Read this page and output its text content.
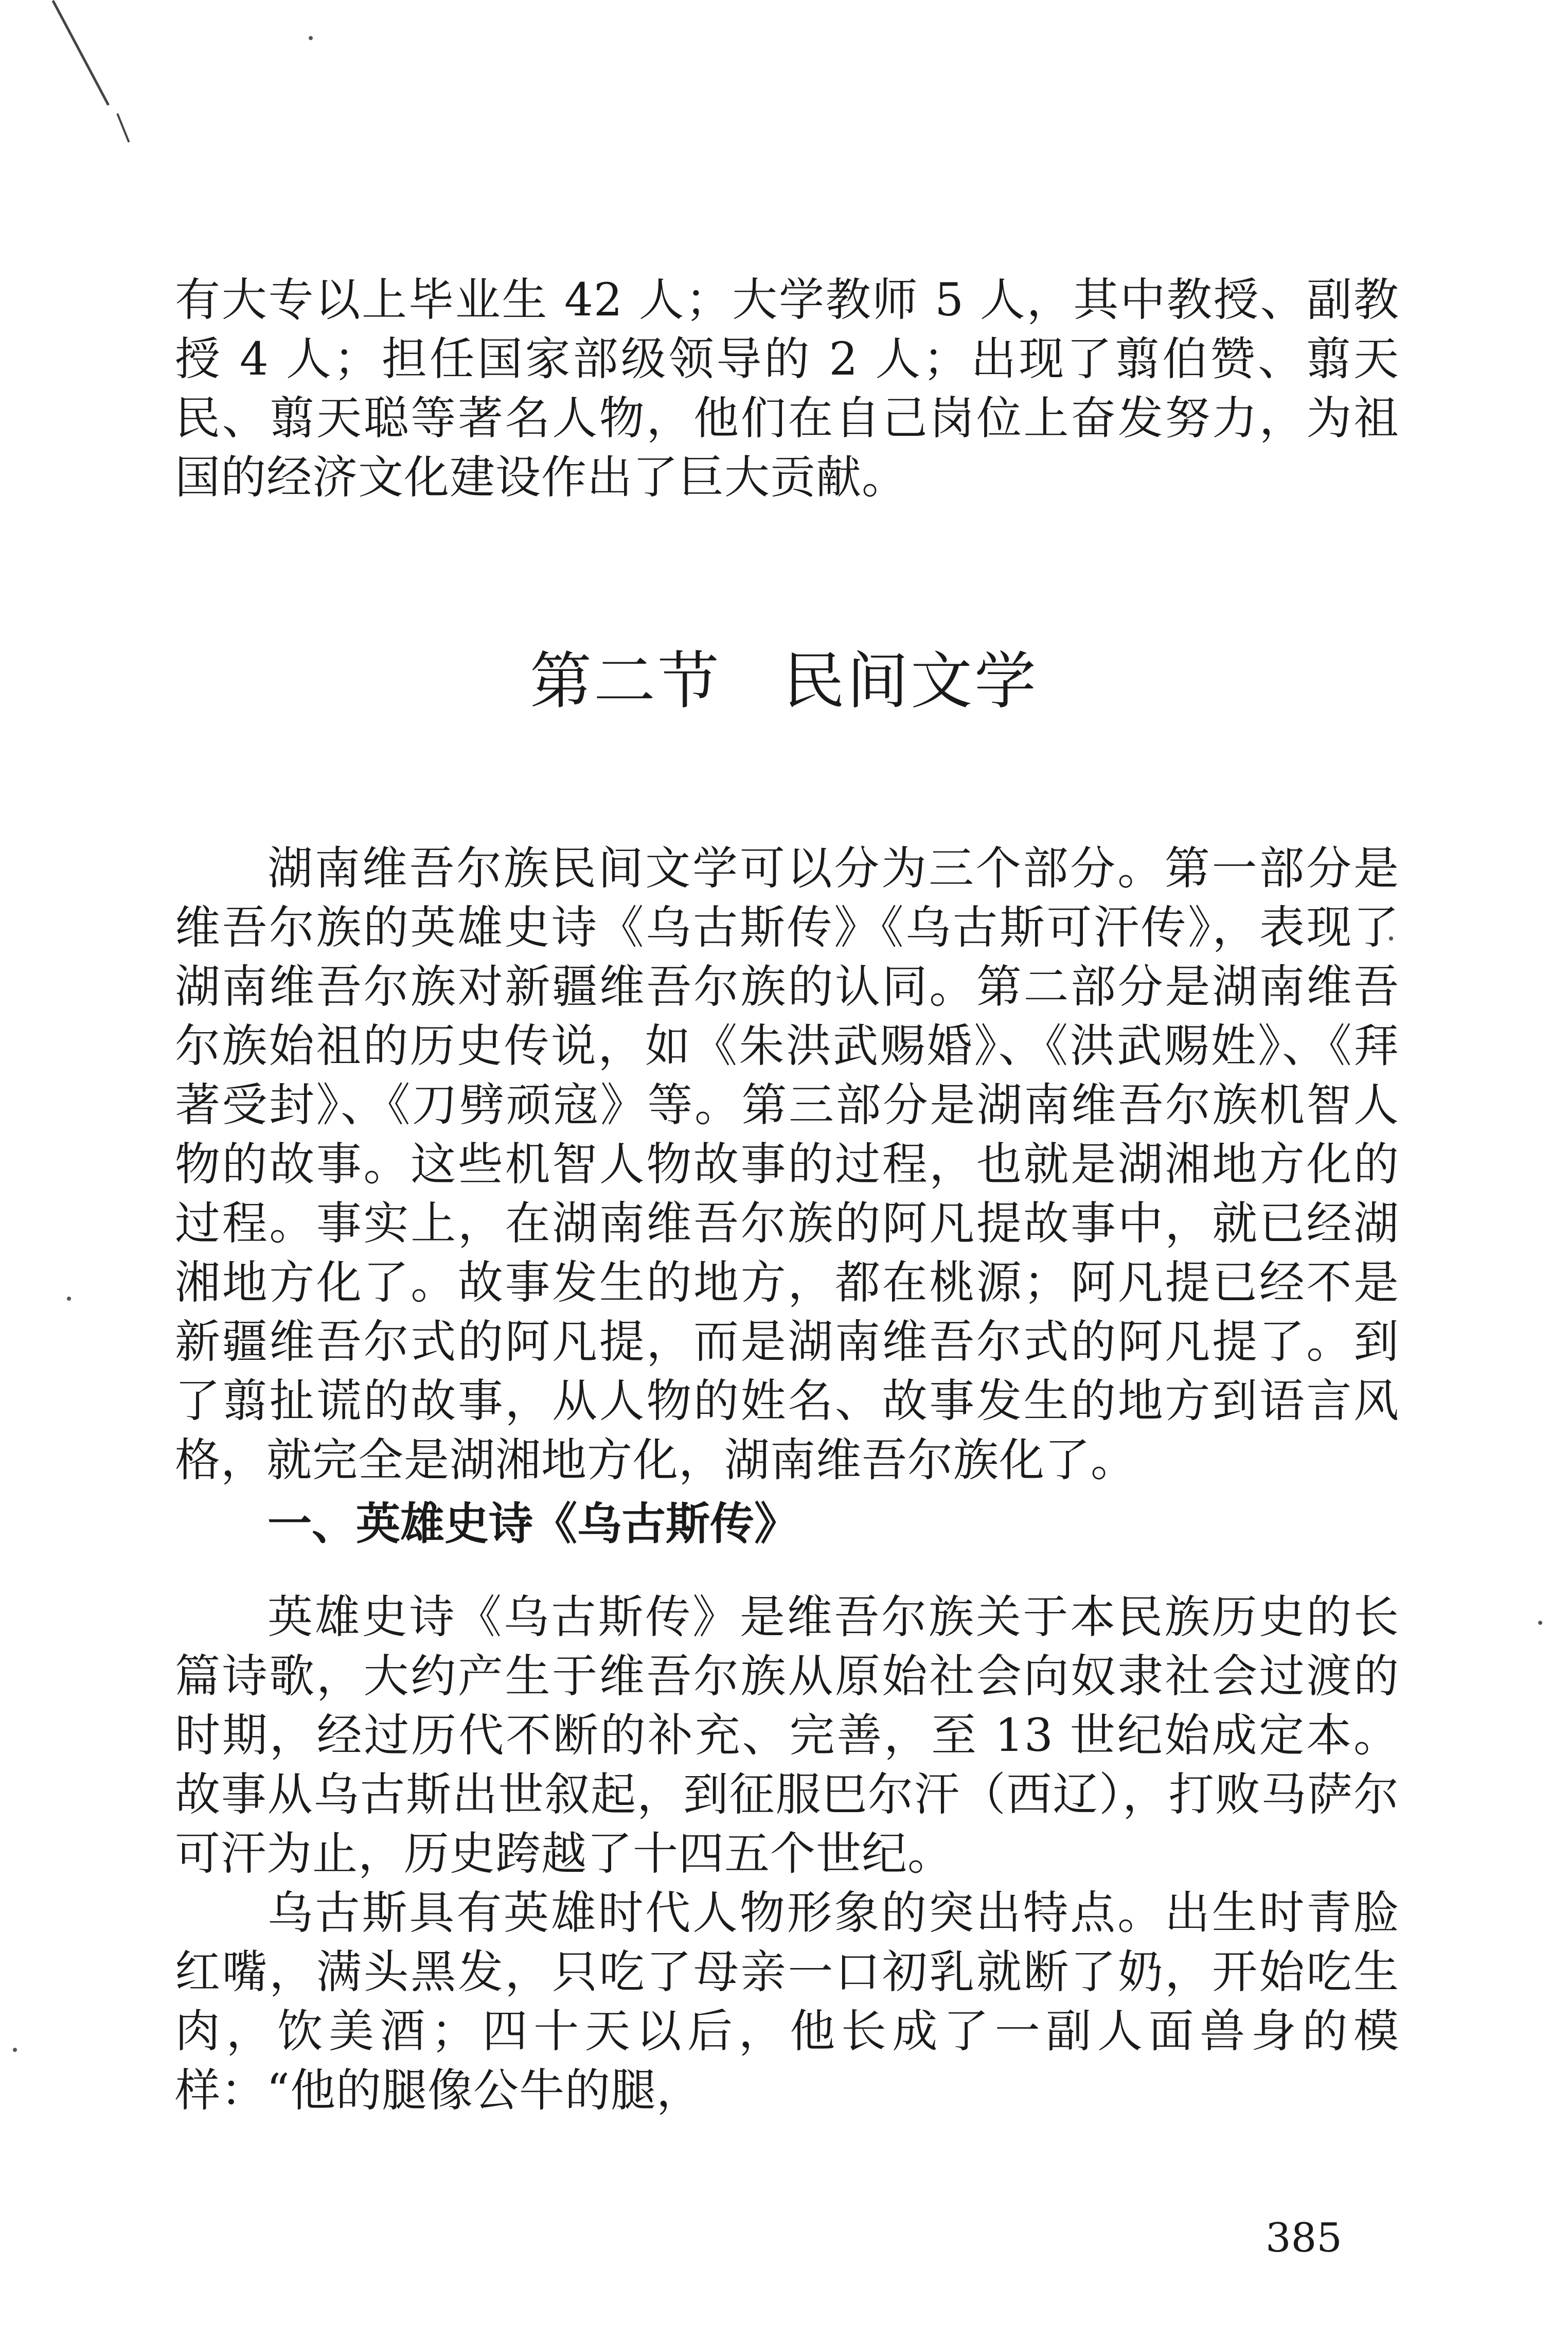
有大专以上毕业生 42 人；大学教师 5 人，其中教授、副教授 4 人；担任国家部级领导的 2 人；出现了翦伯赞、翦天民、翦天聪等著名人物，他们在自己岗位上奋发努力，为祖国的经济文化建设作出了巨大贡献。

第二节 民间文学

湖南维吾尔族民间文学可以分为三个部分。第一部分是维吾尔族的英雄史诗《乌古斯传》《乌古斯可汗传》，表现了湖南维吾尔族对新疆维吾尔族的认同。第二部分是湖南维吾尔族始祖的历史传说，如《朱洪武赐婚》、《洪武赐姓》、《拜著受封》、《刀劈顽寇》等。第三部分是湖南维吾尔族机智人物的故事。这些机智人物故事的过程，也就是湖湘地方化的过程。事实上，在湖南维吾尔族的阿凡提故事中，就已经湖湘地方化了。故事发生的地方，都在桃源；阿凡提已经不是新疆维吾尔式的阿凡提，而是湖南维吾尔式的阿凡提了。到了翦扯谎的故事，从人物的姓名、故事发生的地方到语言风格，就完全是湖湘地方化，湖南维吾尔族化了。

一、英雄史诗《乌古斯传》

英雄史诗《乌古斯传》是维吾尔族关于本民族历史的长篇诗歌，大约产生于维吾尔族从原始社会向奴隶社会过渡的时期，经过历代不断的补充、完善，至 13 世纪始成定本。故事从乌古斯出世叙起，到征服巴尔汗（西辽），打败马萨尔可汗为止，历史跨越了十四五个世纪。

乌古斯具有英雄时代人物形象的突出特点。出生时青脸红嘴，满头黑发，只吃了母亲一口初乳就断了奶，开始吃生肉，饮美酒；四十天以后，他长成了一副人面兽身的模样：“他的腿像公牛的腿，

385
